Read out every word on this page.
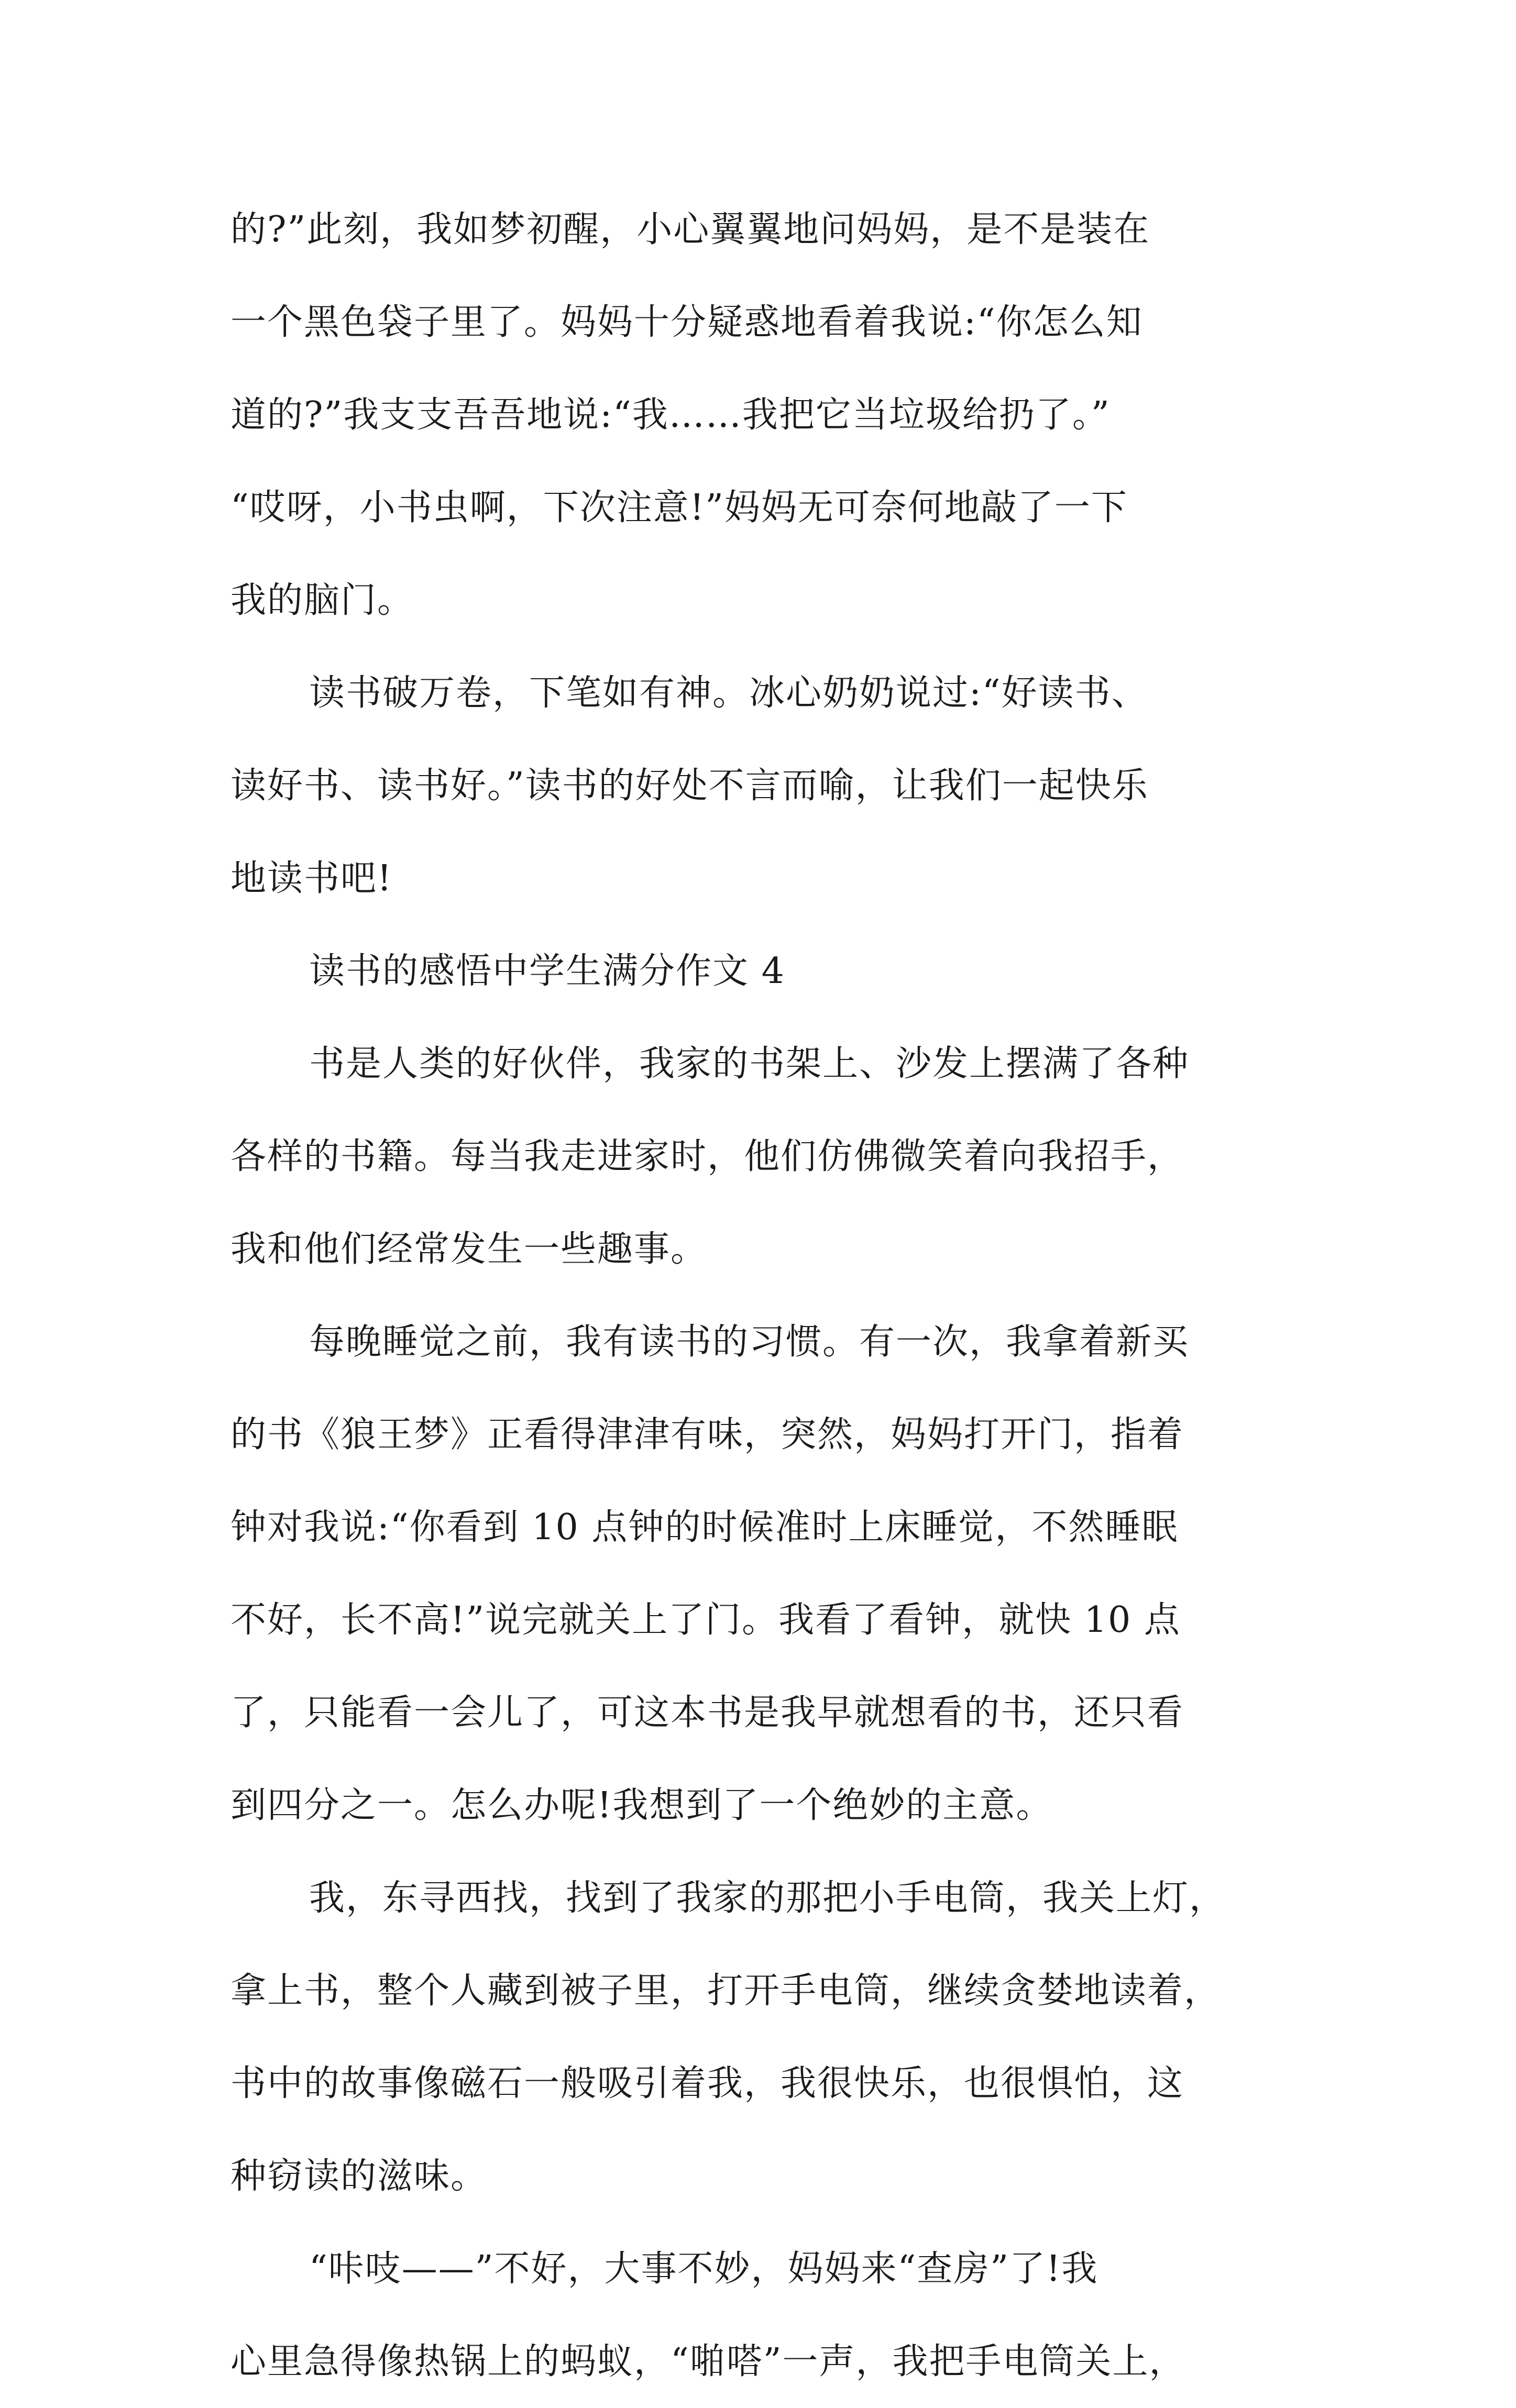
的?”此刻，我如梦初醒，小心翼翼地问妈妈，是不是装在
一个黑色袋子里了。妈妈十分疑惑地看着我说:“你怎么知
道的?”我支支吾吾地说:“我……我把它当垃圾给扔了。”
“哎呀，小书虫啊，下次注意!”妈妈无可奈何地敲了一下
我的脑门。
读书破万卷，下笔如有神。冰心奶奶说过:“好读书、
读好书、读书好。”读书的好处不言而喻，让我们一起快乐
地读书吧!
读书的感悟中学生满分作文 4
书是人类的好伙伴，我家的书架上、沙发上摆满了各种
各样的书籍。每当我走进家时，他们仿佛微笑着向我招手，
我和他们经常发生一些趣事。
每晚睡觉之前，我有读书的习惯。有一次，我拿着新买
的书《狼王梦》正看得津津有味，突然，妈妈打开门，指着
钟对我说:“你看到 10 点钟的时候准时上床睡觉，不然睡眠
不好，长不高!”说完就关上了门。我看了看钟，就快 10 点
了，只能看一会儿了，可这本书是我早就想看的书，还只看
到四分之一。怎么办呢!我想到了一个绝妙的主意。
我，东寻西找，找到了我家的那把小手电筒，我关上灯，
拿上书，整个人藏到被子里，打开手电筒，继续贪婪地读着，
书中的故事像磁石一般吸引着我，我很快乐，也很惧怕，这
种窃读的滋味。
“咔吱——”不好，大事不妙，妈妈来“查房”了!我
心里急得像热锅上的蚂蚁，“啪嗒”一声，我把手电筒关上，
